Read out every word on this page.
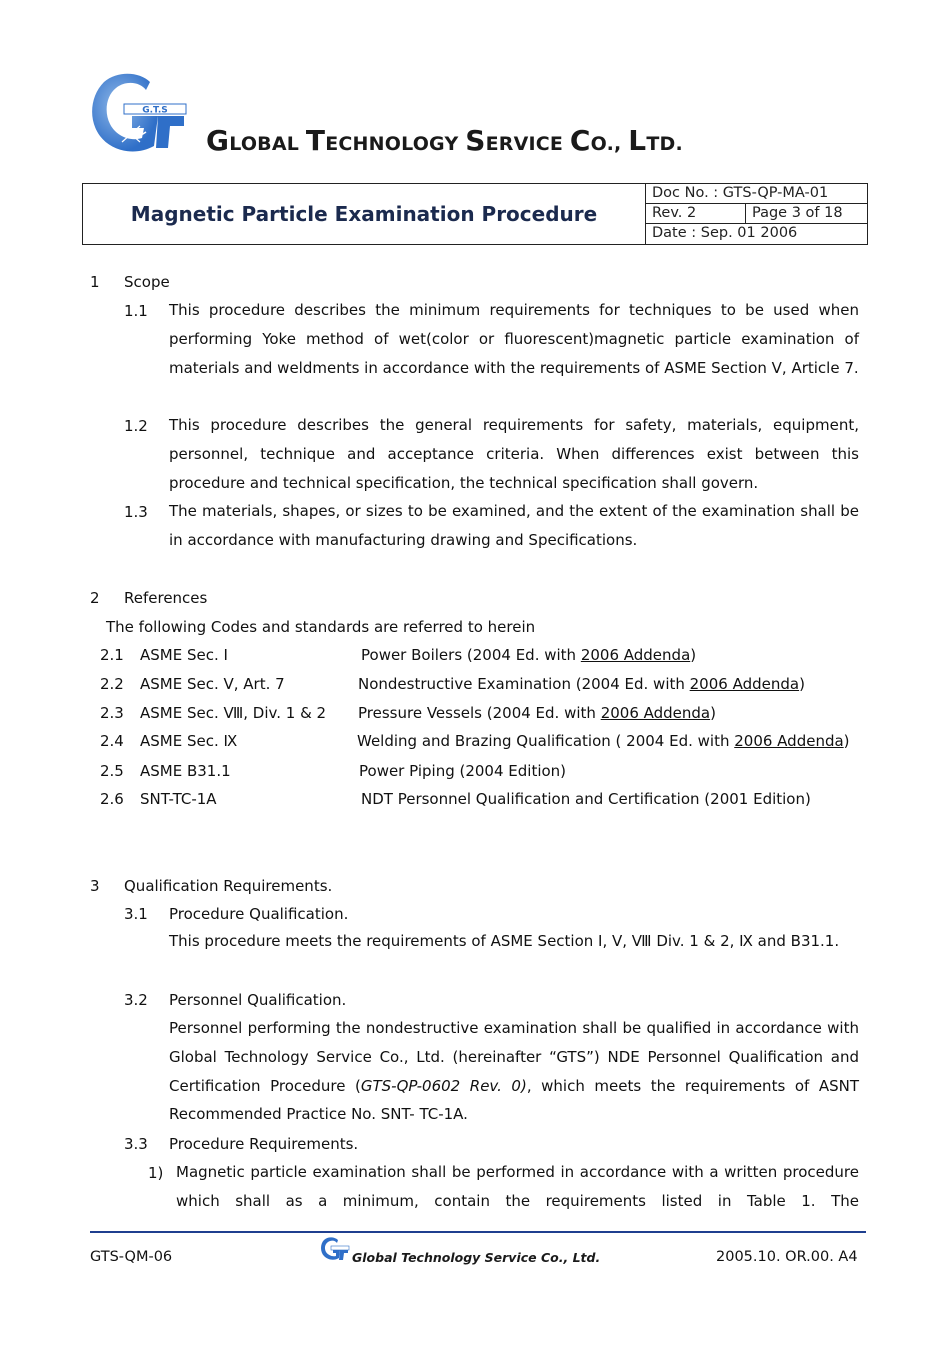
G.T.S
GLOBAL TECHNOLOGY SERVICE CO., LTD.
Magnetic Particle Examination Procedure
Doc No. : GTS-QP-MA-01
Rev. 2	Page 3 of 18
Date : Sep. 01 2006
1 Scope
1.1 This procedure describes the minimum requirements for techniques to be used when performing Yoke method of wet(color or fluorescent)magnetic particle examination of materials and weldments in accordance with the requirements of ASME Section Ⅴ, Article 7.
1.2 This procedure describes the general requirements for safety, materials, equipment, personnel, technique and acceptance criteria. When differences exist between this procedure and technical specification, the technical specification shall govern.
1.3 The materials, shapes, or sizes to be examined, and the extent of the examination shall be in accordance with manufacturing drawing and Specifications.
2 References
The following Codes and standards are referred to herein
2.1 ASME Sec. Ⅰ	Power Boilers (2004 Ed. with 2006 Addenda)
2.2 ASME Sec. Ⅴ, Art. 7	Nondestructive Examination (2004 Ed. with 2006 Addenda)
2.3 ASME Sec. Ⅷ, Div. 1 & 2 Pressure Vessels (2004 Ed. with 2006 Addenda)
2.4 ASME Sec. Ⅸ	Welding and Brazing Qualification ( 2004 Ed. with 2006 Addenda)
2.5 ASME B31.1	Power Piping (2004 Edition)
2.6 SNT-TC-1A	NDT Personnel Qualification and Certification (2001 Edition)
3 Qualification Requirements.
3.1 Procedure Qualification.
This procedure meets the requirements of ASME Section Ⅰ, Ⅴ, Ⅷ Div. 1 & 2, Ⅸ and B31.1.
3.2 Personnel Qualification.
Personnel performing the nondestructive examination shall be qualified in accordance with Global Technology Service Co., Ltd. (hereinafter “GTS”) NDE Personnel Qualification and Certification Procedure (GTS-QP-0602 Rev. 0), which meets the requirements of ASNT Recommended Practice No. SNT- TC-1A.
3.3 Procedure Requirements.
1) Magnetic particle examination shall be performed in accordance with a written procedure which shall as a minimum, contain the requirements listed in Table 1. The
GTS-QM-06	Global Technology Service Co., Ltd.	2005.10. OR.00. A4
